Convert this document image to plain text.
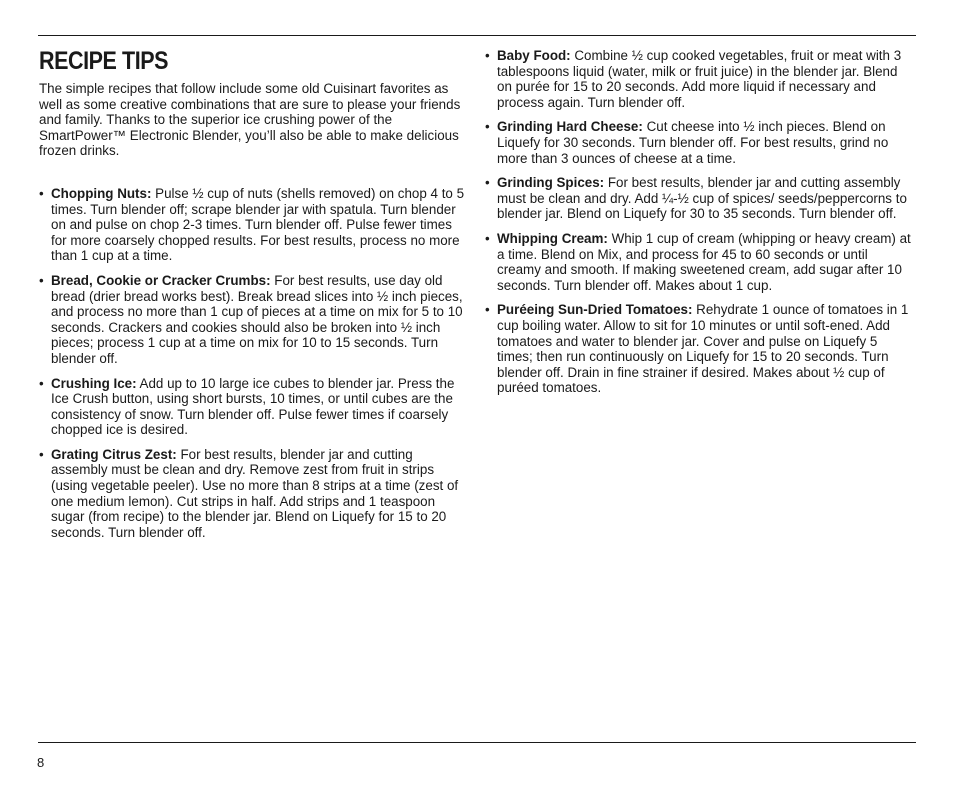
RECIPE TIPS

The simple recipes that follow include some old Cuisinart favorites as well as some creative combinations that are sure to please your friends and family. Thanks to the superior ice crushing power of the SmartPower™ Electronic Blender, you’ll also be able to make delicious frozen drinks.

• Chopping Nuts: Pulse ½ cup of nuts (shells removed) on chop 4 to 5 times. Turn blender off; scrape blender jar with spatula. Turn blender on and pulse on chop 2-3 times. Turn blender off. Pulse fewer times for more coarsely chopped results. For best results, process no more than 1 cup at a time.
• Bread, Cookie or Cracker Crumbs: For best results, use day old bread (drier bread works best). Break bread slices into ½ inch pieces, and process no more than 1 cup of pieces at a time on mix for 5 to 10 seconds. Crackers and cookies should also be broken into ½ inch pieces; process 1 cup at a time on mix for 10 to 15 seconds. Turn blender off.
• Crushing Ice: Add up to 10 large ice cubes to blender jar. Press the Ice Crush button, using short bursts, 10 times, or until cubes are the consistency of snow. Turn blender off. Pulse fewer times if coarsely chopped ice is desired.
• Grating Citrus Zest: For best results, blender jar and cutting assembly must be clean and dry. Remove zest from fruit in strips (using vegetable peeler). Use no more than 8 strips at a time (zest of one medium lemon). Cut strips in half. Add strips and 1 teaspoon sugar (from recipe) to the blender jar. Blend on Liquefy for 15 to 20 seconds. Turn blender off.
• Baby Food: Combine ½ cup cooked vegetables, fruit or meat with 3 tablespoons liquid (water, milk or fruit juice) in the blender jar. Blend on purée for 15 to 20 seconds. Add more liquid if necessary and process again. Turn blender off.
• Grinding Hard Cheese: Cut cheese into ½ inch pieces. Blend on Liquefy for 30 seconds. Turn blender off. For best results, grind no more than 3 ounces of cheese at a time.
• Grinding Spices: For best results, blender jar and cutting assembly must be clean and dry. Add ¼-½ cup of spices/ seeds/peppercorns to blender jar. Blend on Liquefy for 30 to 35 seconds. Turn blender off.
• Whipping Cream: Whip 1 cup of cream (whipping or heavy cream) at a time. Blend on Mix, and process for 45 to 60 seconds or until creamy and smooth. If making sweetened cream, add sugar after 10 seconds. Turn blender off. Makes about 1 cup.
• Puréeing Sun-Dried Tomatoes: Rehydrate 1 ounce of tomatoes in 1 cup boiling water. Allow to sit for 10 minutes or until soft-ened. Add tomatoes and water to blender jar. Cover and pulse on Liquefy 5 times; then run continuously on Liquefy for 15 to 20 seconds. Turn blender off. Drain in fine strainer if desired. Makes about ½ cup of puréed tomatoes.
8
